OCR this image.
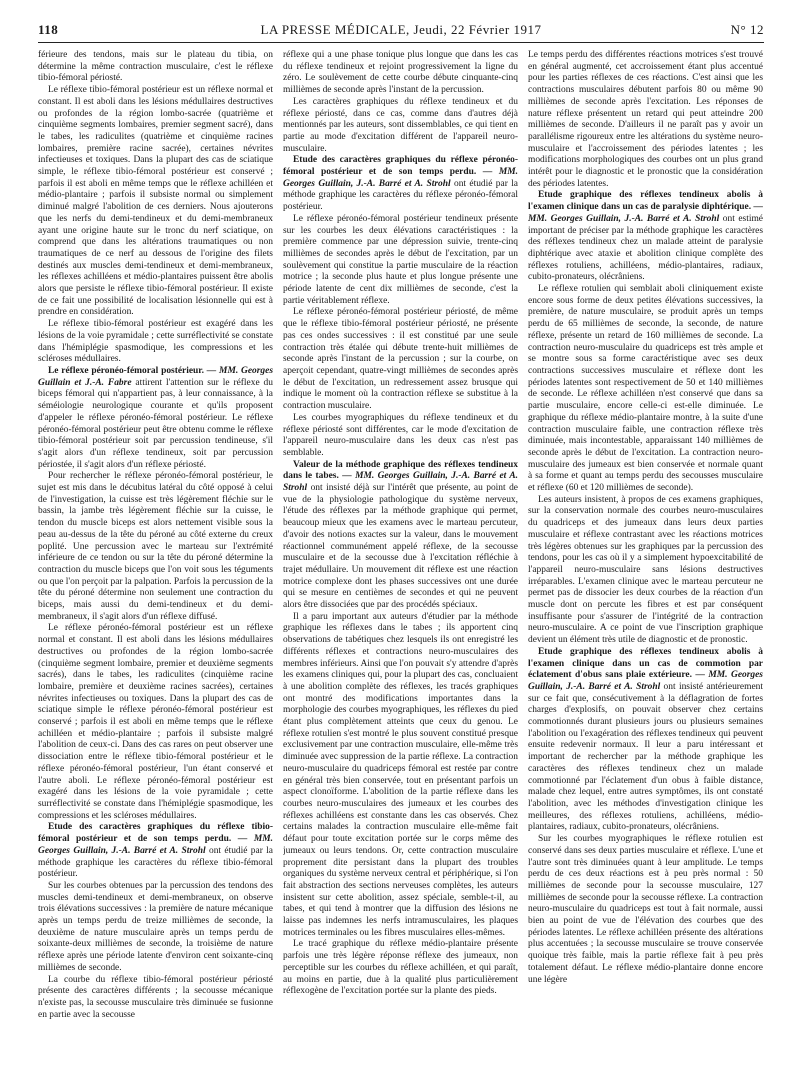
118	LA PRESSE MÉDICALE, Jeudi, 22 Février 1917	N° 12

férieure des tendons, mais sur le plateau du tibia, on détermine la même contraction musculaire, c'est le réflexe tibio-fémoral périosté.

Le réflexe tibio-fémoral postérieur est un réflexe normal et constant. Il est aboli dans les lésions médullaires destructives ou profondes de la région lombo-sacrée (quatrième et cinquième segments lombaires, premier segment sacré), dans le tabes, les radiculites (quatrième et cinquième racines lombaires, première racine sacrée), certaines névrites infectieuses et toxiques. Dans la plupart des cas de sciatique simple, le réflexe tibio-fémoral postérieur est conservé ; parfois il est aboli en même temps que le réflexe achilléen et médio-plantaire ; parfois il subsiste normal ou simplement diminué malgré l'abolition de ces derniers. Nous ajouterons que les nerfs du demi-tendineux et du demi-membraneux ayant une origine haute sur le tronc du nerf sciatique, on comprend que dans les altérations traumatiques ou non traumatiques de ce nerf au dessous de l'origine des filets destinés aux muscles demi-tendineux et demi-membraneux, les réflexes achilléens et médio-plantaires puissent être abolis alors que persiste le réflexe tibio-fémoral postérieur. Il existe de ce fait une possibilité de localisation lésionnelle qui est à prendre en considération.

Le réflexe tibio-fémoral postérieur est exagéré dans les lésions de la voie pyramidale ; cette surréflectivité se constate dans l'hémiplégie spasmodique, les compressions et les scléroses médullaires.

Le réflexe péronéo-fémoral postérieur. — MM. Georges Guillain et J.-A. Fabre attirent l'attention sur le réflexe du biceps fémoral qui n'appartient pas, à leur connaissance, à la séméiologie neurologique courante et qu'ils proposent d'appeler le réflexe péronéo-fémoral postérieur. Le réflexe péronéo-fémoral postérieur peut être obtenu comme le réflexe tibio-fémoral postérieur soit par percussion tendineuse, s'il s'agit alors d'un réflexe tendineux, soit par percussion périostée, il s'agit alors d'un réflexe périosté.

Pour rechercher le réflexe péronéo-fémoral postérieur, le sujet est mis dans le décubitus latéral du côté opposé à celui de l'investigation, la cuisse est très légèrement fléchie sur le bassin, la jambe très légèrement fléchie sur la cuisse, le tendon du muscle biceps est alors nettement visible sous la peau au-dessus de la tête du péroné au côté externe du creux poplité. Une percussion avec le marteau sur l'extrémité inférieure de ce tendon ou sur la tête du péroné détermine la contraction du muscle biceps que l'on voit sous les téguments ou que l'on perçoit par la palpation. Parfois la percussion de la tête du péroné détermine non seulement une contraction du biceps, mais aussi du demi-tendineux et du demi-membraneux, il s'agit alors d'un réflexe diffusé.

Le réflexe péronéo-fémoral postérieur est un réflexe normal et constant. Il est aboli dans les lésions médullaires destructives ou profondes de la région lombo-sacrée (cinquième segment lombaire, premier et deuxième segments sacrés), dans le tabes, les radiculites (cinquième racine lombaire, première et deuxième racines sacrées), certaines névrites infectieuses ou toxiques. Dans la plupart des cas de sciatique simple le réflexe péronéo-fémoral postérieur est conservé ; parfois il est aboli en même temps que le réflexe achilléen et médio-plantaire ; parfois il subsiste malgré l'abolition de ceux-ci. Dans des cas rares on peut observer une dissociation entre le réflexe tibio-fémoral postérieur et le réflexe péronéo-fémoral postérieur, l'un étant conservé et l'autre aboli. Le réflexe péronéo-fémoral postérieur est exagéré dans les lésions de la voie pyramidale ; cette surréflectivité se constate dans l'hémiplégie spasmodique, les compressions et les scléroses médullaires.

Etude des caractères graphiques du réflexe tibio-fémoral postérieur et de son temps perdu. — MM. Georges Guillain, J.-A. Barré et A. Strohl ont étudié par la méthode graphique les caractères du réflexe tibio-fémoral postérieur.

Sur les courbes obtenues par la percussion des tendons des muscles demi-tendineux et demi-membraneux, on observe trois élévations successives : la première de nature mécanique après un temps perdu de treize millièmes de seconde, la deuxième de nature musculaire après un temps perdu de soixante-deux millièmes de seconde, la troisième de nature réflexe après une période latente d'environ cent soixante-cinq millièmes de seconde.

La courbe du réflexe tibio-fémoral postérieur périosté présente des caractères différents ; la secousse mécanique n'existe pas, la secousse musculaire très diminuée se fusionne en partie avec la secousse

réflexe qui a une phase tonique plus longue que dans les cas du réflexe tendineux et rejoint progressivement la ligne du zéro. Le soulèvement de cette courbe débute cinquante-cinq millièmes de seconde après l'instant de la percussion.

Les caractères graphiques du réflexe tendineux et du réflexe périosté, dans ce cas, comme dans d'autres déjà mentionnés par les auteurs, sont dissemblables, ce qui tient en partie au mode d'excitation différent de l'appareil neuro-musculaire.

Etude des caractères graphiques du réflexe péronéo-fémoral postérieur et de son temps perdu. — MM. Georges Guillain, J.-A. Barré et A. Strohl ont étudié par la méthode graphique les caractères du réflexe péronéo-fémoral postérieur.

Le réflexe péronéo-fémoral postérieur tendineux présente sur les courbes les deux élévations caractéristiques : la première commence par une dépression suivie, trente-cinq millièmes de secondes après le début de l'excitation, par un soulèvement qui constitue la partie musculaire de la réaction motrice ; la seconde plus haute et plus longue présente une période latente de cent dix millièmes de seconde, c'est la partie véritablement réflexe.

Le réflexe péronéo-fémoral postérieur périosté, de même que le réflexe tibio-fémoral postérieur périosté, ne présente pas ces ondes successives : il est constitué par une seule contraction très étalée qui débute trente-huit millièmes de seconde après l'instant de la percussion ; sur la courbe, on aperçoit cependant, quatre-vingt millièmes de secondes après le début de l'excitation, un redressement assez brusque qui indique le moment où la contraction réflexe se substitue à la contraction musculaire.

Les courbes myographiques du réflexe tendineux et du réflexe périosté sont différentes, car le mode d'excitation de l'appareil neuro-musculaire dans les deux cas n'est pas semblable.

Valeur de la méthode graphique des réflexes tendineux dans le tabes. — MM. Georges Guillain, J.-A. Barré et A. Strohl ont insisté déjà sur l'intérêt que présente, au point de vue de la physiologie pathologique du système nerveux, l'étude des réflexes par la méthode graphique qui permet, beaucoup mieux que les examens avec le marteau percuteur, d'avoir des notions exactes sur la valeur, dans le mouvement réactionnel communément appelé réflexe, de la secousse musculaire et de la secousse due à l'excitation réfléchie à trajet médullaire. Un mouvement dit réflexe est une réaction motrice complexe dont les phases successives ont une durée qui se mesure en centièmes de secondes et qui ne peuvent alors être dissociées que par des procédés spéciaux.

Il a paru important aux auteurs d'étudier par la méthode graphique les réflexes dans le tabes ; ils apportent cinq observations de tabétiques chez lesquels ils ont enregistré les différents réflexes et contractions neuro-musculaires des membres inférieurs. Ainsi que l'on pouvait s'y attendre d'après les examens cliniques qui, pour la plupart des cas, concluaient à une abolition complète des réflexes, les tracés graphiques ont montré des modifications importantes dans la morphologie des courbes myographiques, les réflexes du pied étant plus complètement atteints que ceux du genou. Le réflexe rotulien s'est montré le plus souvent constitué presque exclusivement par une contraction musculaire, elle-même très diminuée avec suppression de la partie réflexe. La contraction neuro-musculaire du quadriceps fémoral est restée par contre en général très bien conservée, tout en présentant parfois un aspect clonoïforme. L'abolition de la partie réflexe dans les courbes neuro-musculaires des jumeaux et les courbes des réflexes achilléens est constante dans les cas observés. Chez certains malades la contraction musculaire elle-même fait défaut pour toute excitation portée sur le corps même des jumeaux ou leurs tendons. Or, cette contraction musculaire proprement dite persistant dans la plupart des troubles organiques du système nerveux central et périphérique, si l'on fait abstraction des sections nerveuses complètes, les auteurs insistent sur cette abolition, assez spéciale, semble-t-il, au tabes, et qui tend à montrer que la diffusion des lésions ne laisse pas indemnes les nerfs intramusculaires, les plaques motrices terminales ou les fibres musculaires elles-mêmes.

Le tracé graphique du réflexe médio-plantaire présente parfois une très légère réponse réflexe des jumeaux, non perceptible sur les courbes du réflexe achilléen, et qui paraît, au moins en partie, due à la qualité plus particulièrement réflexogène de l'excitation portée sur la plante des pieds.

Le temps perdu des différentes réactions motrices s'est trouvé en général augmenté, cet accroissement étant plus accentué pour les parties réflexes de ces réactions. C'est ainsi que les contractions musculaires débutent parfois 80 ou même 90 millièmes de seconde après l'excitation. Les réponses de nature réflexe présentent un retard qui peut atteindre 200 millièmes de seconde. D'ailleurs il ne paraît pas y avoir un parallélisme rigoureux entre les altérations du système neuro-musculaire et l'accroissement des périodes latentes ; les modifications morphologiques des courbes ont un plus grand intérêt pour le diagnostic et le pronostic que la considération des périodes latentes.

Etude graphique des réflexes tendineux abolis à l'examen clinique dans un cas de paralysie diphtérique. — MM. Georges Guillain, J.-A. Barré et A. Strohl ont estimé important de préciser par la méthode graphique les caractères des réflexes tendineux chez un malade atteint de paralysie diphtérique avec ataxie et abolition clinique complète des réflexes rotuliens, achilléens, médio-plantaires, radiaux, cubito-pronateurs, olécrâniens.

Le réflexe rotulien qui semblait aboli cliniquement existe encore sous forme de deux petites élévations successives, la première, de nature musculaire, se produit après un temps perdu de 65 millièmes de seconde, la seconde, de nature réflexe, présente un retard de 160 millièmes de seconde. La contraction neuro-musculaire du quadriceps est très ample et se montre sous sa forme caractéristique avec ses deux contractions successives musculaire et réflexe dont les périodes latentes sont respectivement de 50 et 140 millièmes de seconde. Le réflexe achilléen n'est conservé que dans sa partie musculaire, encore celle-ci est-elle diminuée. Le graphique du réflexe médio-plantaire montre, à la suite d'une contraction musculaire faible, une contraction réflexe très diminuée, mais incontestable, apparaissant 140 millièmes de seconde après le début de l'excitation. La contraction neuro-musculaire des jumeaux est bien conservée et normale quant à sa forme et quant au temps perdu des secousses musculaire et réflexe (60 et 120 millièmes de seconde).

Les auteurs insistent, à propos de ces examens graphiques, sur la conservation normale des courbes neuro-musculaires du quadriceps et des jumeaux dans leurs deux parties musculaire et réflexe contrastant avec les réactions motrices très légères obtenues sur les graphiques par la percussion des tendons, pour les cas où il y a simplement hypoexcitabilité de l'appareil neuro-musculaire sans lésions destructives irréparables. L'examen clinique avec le marteau percuteur ne permet pas de dissocier les deux courbes de la réaction d'un muscle dont on percute les fibres et est par conséquent insuffisante pour s'assurer de l'intégrité de la contraction neuro-musculaire. A ce point de vue l'inscription graphique devient un élément très utile de diagnostic et de pronostic.

Etude graphique des réflexes tendineux abolis à l'examen clinique dans un cas de commotion par éclatement d'obus sans plaie extérieure. — MM. Georges Guillain, J.-A. Barré et A. Strohl ont insisté antérieurement sur ce fait que, consécutivement à la déflagration de fortes charges d'explosifs, on pouvait observer chez certains commotionnés durant plusieurs jours ou plusieurs semaines l'abolition ou l'exagération des réflexes tendineux qui peuvent ensuite redevenir normaux. Il leur a paru intéressant et important de rechercher par la méthode graphique les caractères des réflexes tendineux chez un malade commotionné par l'éclatement d'un obus à faible distance, malade chez lequel, entre autres symptômes, ils ont constaté l'abolition, avec les méthodes d'investigation clinique les meilleures, des réflexes rotuliens, achilléens, médio-plantaires, radiaux, cubito-pronateurs, olécrâniens.

Sur les courbes myographiques le réflexe rotulien est conservé dans ses deux parties musculaire et réflexe. L'une et l'autre sont très diminuées quant à leur amplitude. Le temps perdu de ces deux réactions est à peu près normal : 50 millièmes de seconde pour la secousse musculaire, 127 millièmes de seconde pour la secousse réflexe. La contraction neuro-musculaire du quadriceps est tout à fait normale, aussi bien au point de vue de l'élévation des courbes que des périodes latentes. Le réflexe achilléen présente des altérations plus accentuées ; la secousse musculaire se trouve conservée quoique très faible, mais la partie réflexe fait à peu près totalement défaut. Le réflexe médio-plantaire donne encore une légère
